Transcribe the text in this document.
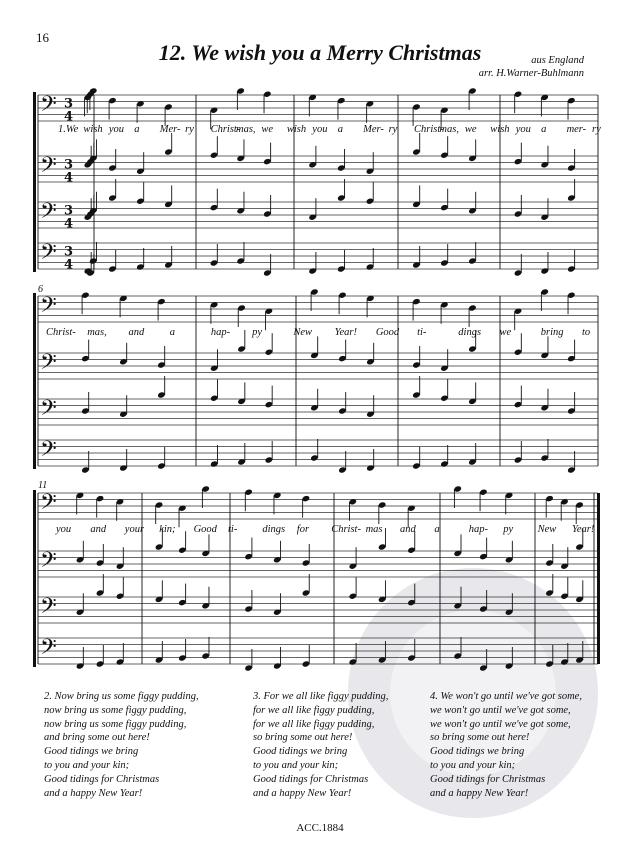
16
12. We wish you a Merry Christmas	aus England
arr. H.Warner-Buhlmann
𝄢 3
4
𝄢 3
4
𝄢 3
4
𝄢 3
4
𝄢
𝄢
𝄢
𝄢
𝄢
𝄢
𝄢
𝄢
6
11
1.We wish you a Mer- ry Christ-
mas, we wish you a Mer- ry Christ-
mas, we wish you a mer- ry
Christ- mas, and a	hap- py	New Year! Good ti-	dings we	bring to
you and your kin; Good ti- dings for Christ- mas and a	hap- py New Year!
2. Now bring us some figgy pudding,
now bring us some figgy pudding,
now bring us some figgy pudding,
and bring some out here!
Good tidings we bring
to you and your kin;
Good tidings for Christmas
and a happy New Year!
3. For we all like figgy pudding,
for we all like figgy pudding,
for we all like figgy pudding,
so bring some out here!
Good tidings we bring
to you and your kin;
Good tidings for Christmas
and a happy New Year!
4. We won't go until we've got some,
we won't go until we've got some,
we won't go until we've got some,
so bring some out here!
Good tidings we bring
to you and your kin;
Good tidings for Christmas
and a happy New Year!
ACC.1884
